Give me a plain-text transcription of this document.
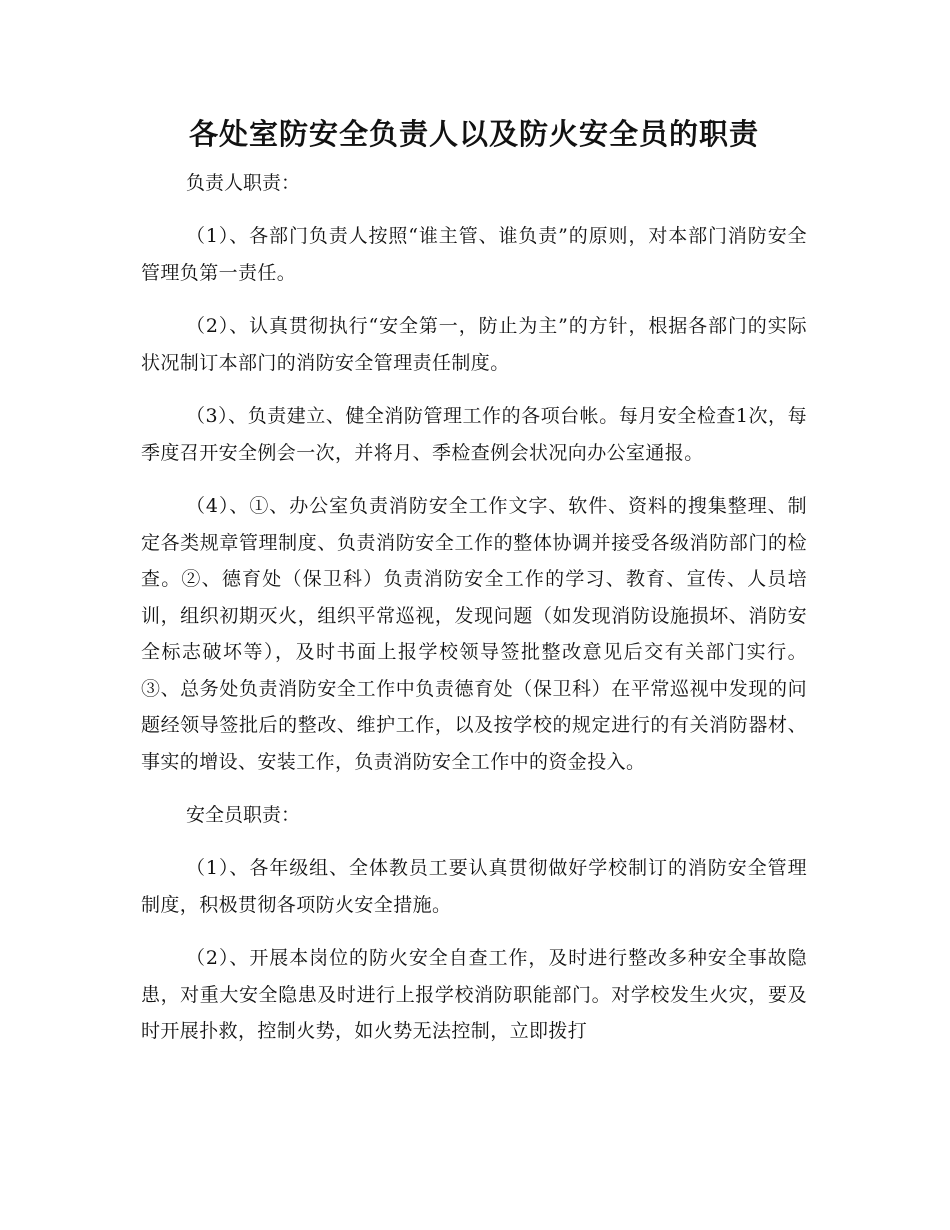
各处室防安全负责人以及防火安全员的职责

负责人职责：

（1）、各部门负责人按照“谁主管、谁负责”的原则，对本部门消防安全管理负第一责任。

（2）、认真贯彻执行“安全第一，防止为主”的方针，根据各部门的实际状况制订本部门的消防安全管理责任制度。

（3）、负责建立、健全消防管理工作的各项台帐。每月安全检查1次，每季度召开安全例会一次，并将月、季检查例会状况向办公室通报。

（4）、①、办公室负责消防安全工作文字、软件、资料的搜集整理、制定各类规章管理制度、负责消防安全工作的整体协调并接受各级消防部门的检查。②、德育处（保卫科）负责消防安全工作的学习、教育、宣传、人员培训，组织初期灭火，组织平常巡视，发现问题（如发现消防设施损坏、消防安全标志破坏等），及时书面上报学校领导签批整改意见后交有关部门实行。③、总务处负责消防安全工作中负责德育处（保卫科）在平常巡视中发现的问题经领导签批后的整改、维护工作，以及按学校的规定进行的有关消防器材、事实的增设、安装工作，负责消防安全工作中的资金投入。

安全员职责：

（1）、各年级组、全体教员工要认真贯彻做好学校制订的消防安全管理制度，积极贯彻各项防火安全措施。

（2）、开展本岗位的防火安全自查工作，及时进行整改多种安全事故隐患，对重大安全隐患及时进行上报学校消防职能部门。对学校发生火灾，要及时开展扑救，控制火势，如火势无法控制，立即拨打
